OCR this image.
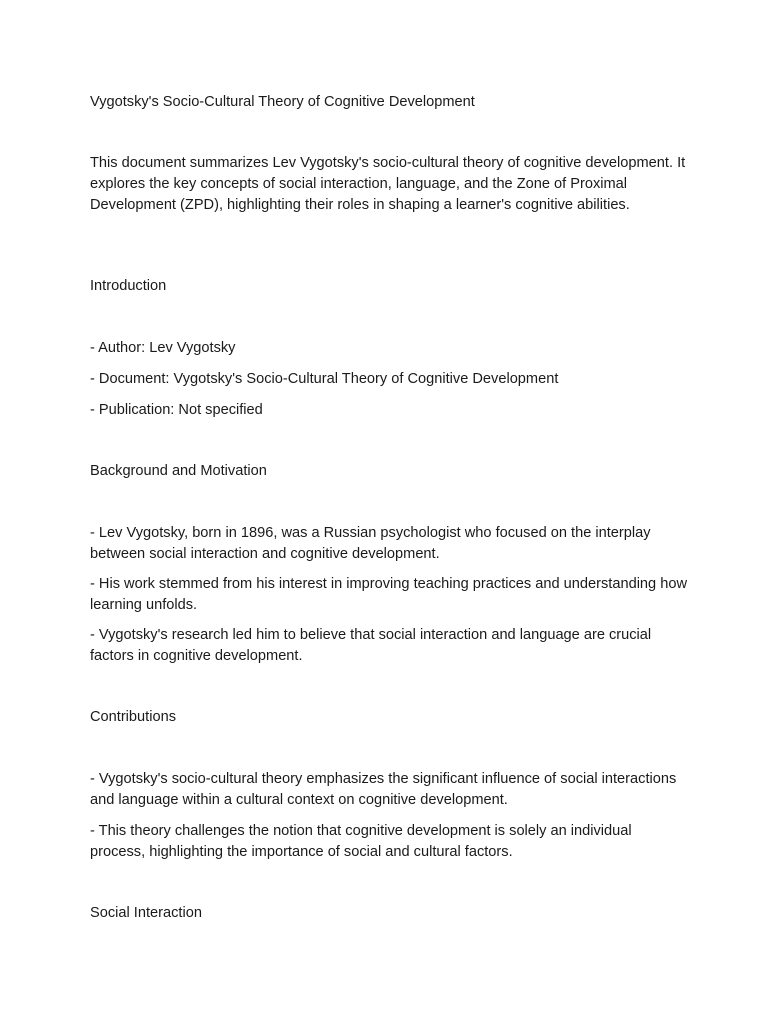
Vygotsky's Socio-Cultural Theory of Cognitive Development

This document summarizes Lev Vygotsky's socio-cultural theory of cognitive development. It explores the key concepts of social interaction, language, and the Zone of Proximal Development (ZPD), highlighting their roles in shaping a learner's cognitive abilities.

Introduction

- Author: Lev Vygotsky

- Document: Vygotsky's Socio-Cultural Theory of Cognitive Development

- Publication: Not specified

Background and Motivation

- Lev Vygotsky, born in 1896, was a Russian psychologist who focused on the interplay between social interaction and cognitive development.

- His work stemmed from his interest in improving teaching practices and understanding how learning unfolds.

- Vygotsky's research led him to believe that social interaction and language are crucial factors in cognitive development.

Contributions

- Vygotsky's socio-cultural theory emphasizes the significant influence of social interactions and language within a cultural context on cognitive development.

- This theory challenges the notion that cognitive development is solely an individual process, highlighting the importance of social and cultural factors.

Social Interaction
